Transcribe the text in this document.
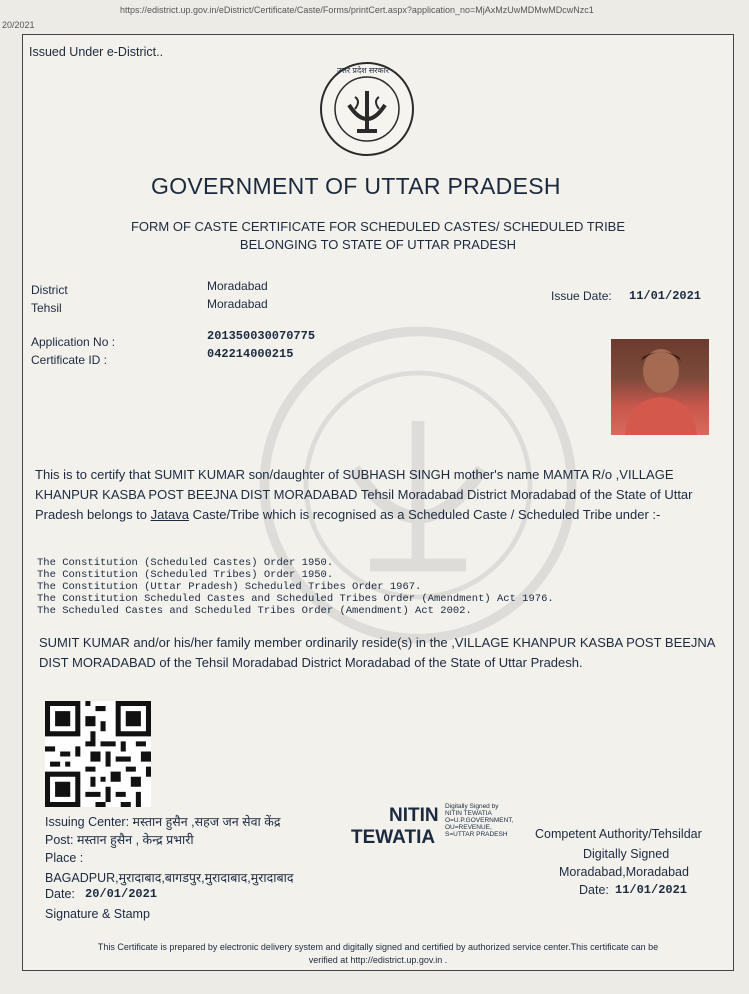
20/2021
https://edistrict.up.gov.in/eDistrict/Certificate/Caste/Forms/printCert.aspx?application_no=MjAxMzUwMDMwMDcwNzc1
Issued Under e-District..
उत्तर प्रदेश सरकार
GOVERNMENT OF UTTAR PRADESH
FORM OF CASTE CERTIFICATE FOR SCHEDULED CASTES/ SCHEDULED TRIBE
BELONGING TO STATE OF UTTAR PRADESH
District	Moradabad
Tehsil	Moradabad
Issue Date: 11/01/2021
Application No :	201350030070775
Certificate ID :	042214000215
This is to certify that SUMIT KUMAR son/daughter of SUBHASH SINGH mother's name MAMTA R/o ,VILLAGE KHANPUR KASBA POST BEEJNA DIST MORADABAD Tehsil Moradabad District Moradabad of the State of Uttar Pradesh belongs to Jatava Caste/Tribe which is recognised as a Scheduled Caste / Scheduled Tribe under :-
The Constitution (Scheduled Castes) Order 1950.
The Constitution (Scheduled Tribes) Order 1950.
The Constitution (Uttar Pradesh) Scheduled Tribes Order 1967.
The Constitution Scheduled Castes and Scheduled Tribes Order (Amendment) Act 1976.
The Scheduled Castes and Scheduled Tribes Order (Amendment) Act 2002.
SUMIT KUMAR and/or his/her family member ordinarily reside(s) in the ,VILLAGE KHANPUR KASBA POST BEEJNA DIST MORADABAD of the Tehsil Moradabad District Moradabad of the State of Uttar Pradesh.
Issuing Center: मस्तान हुसैन ,सहज जन सेवा केंद्र
Post: मस्तान हुसैन , केन्द्र प्रभारी
Place :
BAGADPUR,मुरादाबाद,बागडपुर,मुरादाबाद,मुरादाबाद
Date: 20/01/2021
Signature & Stamp
NITIN
TEWATIA
Digitally Signed by
NITIN TEWATIA
O=U.P.GOVERNMENT,
OU=REVENUE,
S=UTTAR PRADESH	Competent Authority/Tehsildar
Digitally Signed
Moradabad,Moradabad
Date: 11/01/2021
This Certificate is prepared by electronic delivery system and digitally signed and certified by authorized service center.This certificate can be
verified at http://edistrict.up.gov.in .
